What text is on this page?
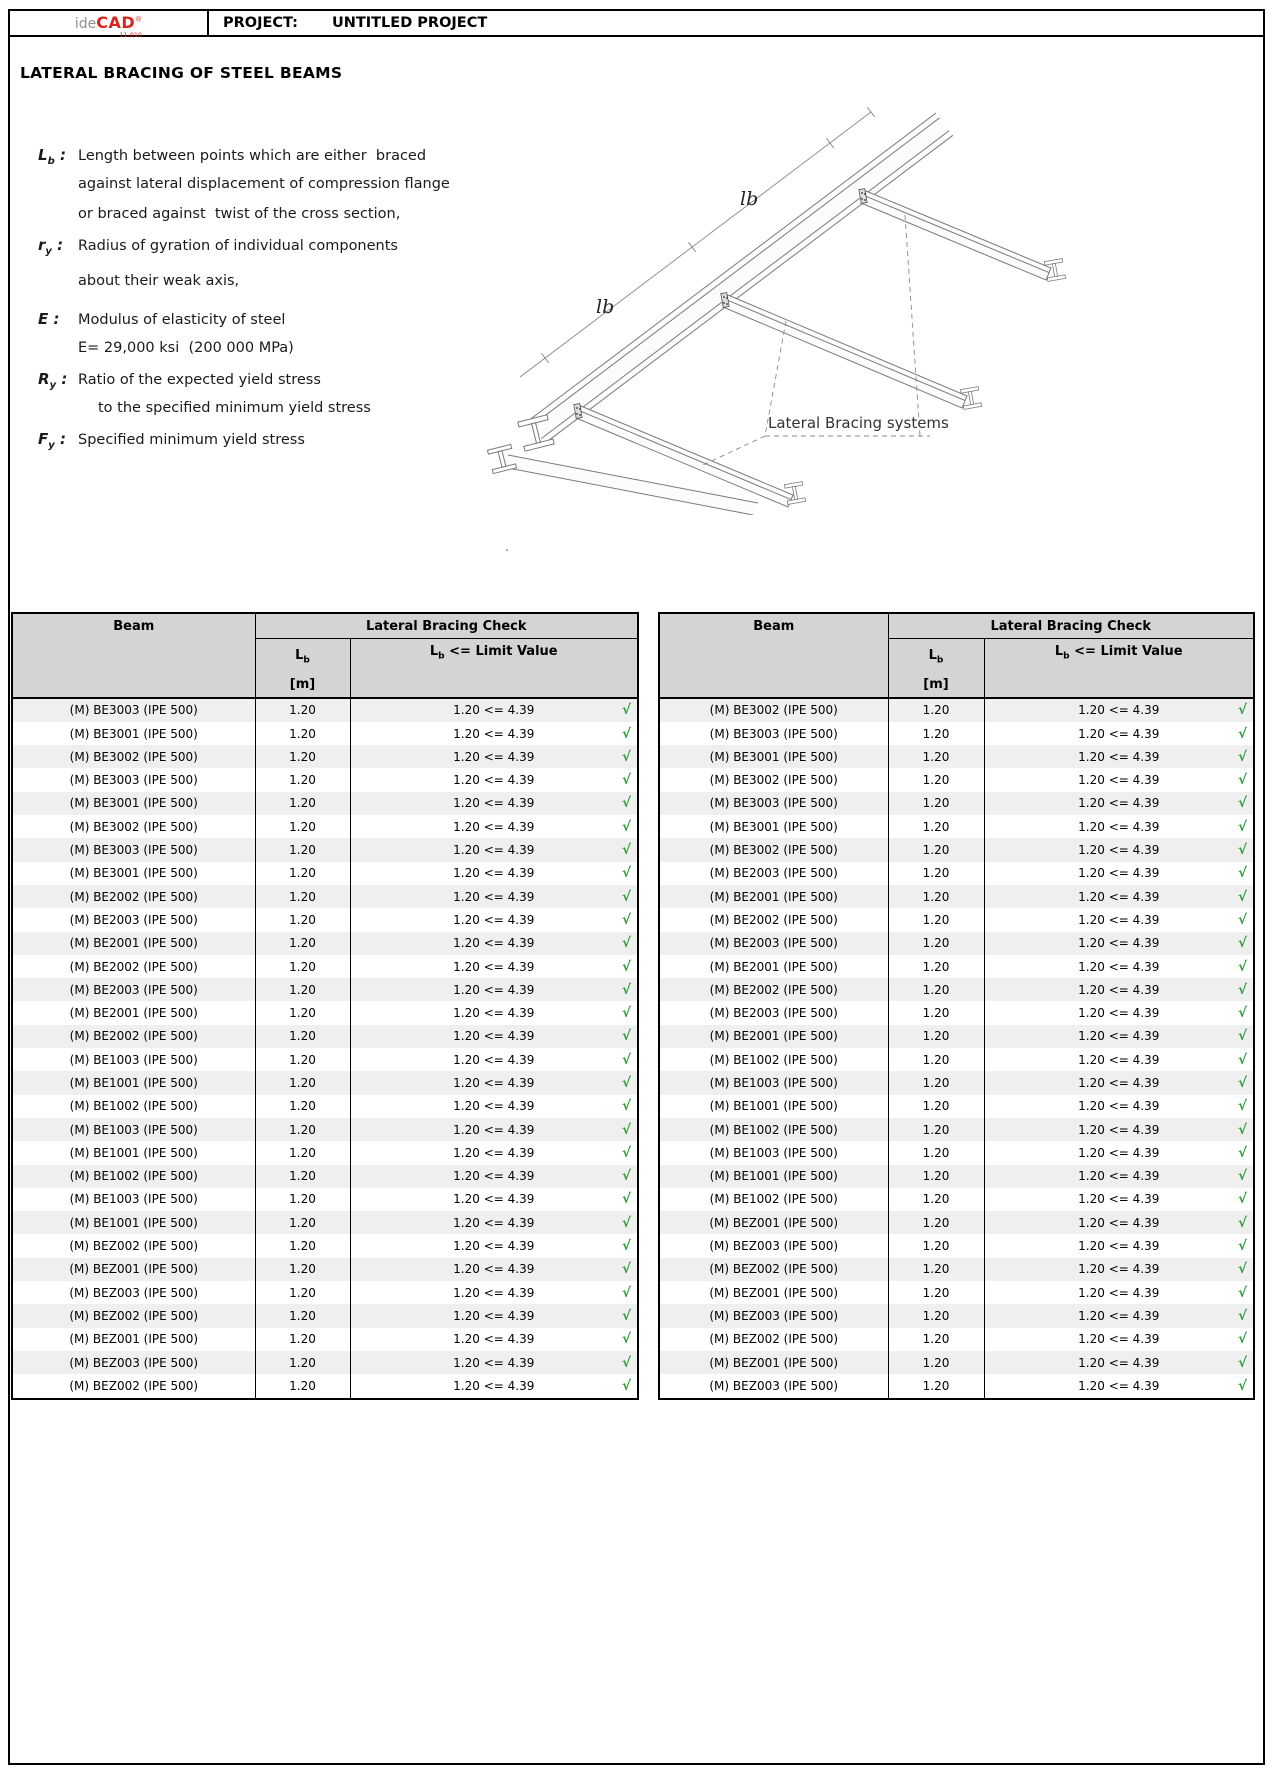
ideCAD®
11.010
PROJECT: UNTITLED PROJECT
LATERAL BRACING OF STEEL BEAMS
$L_b$ : Length between points which are either  braced
against lateral displacement of compression flange
or braced against  twist of the cross section,
$r_y$ :	Radius of gyration of individual components
about their weak axis,
E :	Modulus of elasticity of steel
E= 29,000 ksi  (200 000 MPa)
$R_y$ : Ratio of the expected yield stress
to the specified minimum yield stress
$F_y$ : Specified minimum yield stress
lb
lb
Lateral Bracing systems
.
Beam	Lateral Bracing Check	
	$L_b$
[m]	$L_b$ <= Limit Value
(M) BE3003 (IPE 500)	1.20	1.20 <= 4.39 √

(M) BE3001 (IPE 500)	1.20	1.20 <= 4.39 √

(M) BE3002 (IPE 500)	1.20	1.20 <= 4.39 √

(M) BE3003 (IPE 500)	1.20	1.20 <= 4.39 √

(M) BE3001 (IPE 500)	1.20	1.20 <= 4.39 √

(M) BE3002 (IPE 500)	1.20	1.20 <= 4.39 √

(M) BE3003 (IPE 500)	1.20	1.20 <= 4.39 √

(M) BE3001 (IPE 500)	1.20	1.20 <= 4.39 √

(M) BE2002 (IPE 500)	1.20	1.20 <= 4.39 √

(M) BE2003 (IPE 500)	1.20	1.20 <= 4.39 √

(M) BE2001 (IPE 500)	1.20	1.20 <= 4.39 √

(M) BE2002 (IPE 500)	1.20	1.20 <= 4.39 √

(M) BE2003 (IPE 500)	1.20	1.20 <= 4.39 √

(M) BE2001 (IPE 500)	1.20	1.20 <= 4.39 √

(M) BE2002 (IPE 500)	1.20	1.20 <= 4.39 √

(M) BE1003 (IPE 500)	1.20	1.20 <= 4.39 √

(M) BE1001 (IPE 500)	1.20	1.20 <= 4.39 √

(M) BE1002 (IPE 500)	1.20	1.20 <= 4.39 √

(M) BE1003 (IPE 500)	1.20	1.20 <= 4.39 √

(M) BE1001 (IPE 500)	1.20	1.20 <= 4.39 √

(M) BE1002 (IPE 500)	1.20	1.20 <= 4.39 √

(M) BE1003 (IPE 500)	1.20	1.20 <= 4.39 √

(M) BE1001 (IPE 500)	1.20	1.20 <= 4.39 √

(M) BEZ002 (IPE 500)	1.20	1.20 <= 4.39 √

(M) BEZ001 (IPE 500)	1.20	1.20 <= 4.39 √

(M) BEZ003 (IPE 500)	1.20	1.20 <= 4.39 √

(M) BEZ002 (IPE 500)	1.20	1.20 <= 4.39 √

(M) BEZ001 (IPE 500)	1.20	1.20 <= 4.39 √

(M) BEZ003 (IPE 500)	1.20	1.20 <= 4.39 √

(M) BEZ002 (IPE 500)	1.20	1.20 <= 4.39 √
Beam	Lateral Bracing Check	
	$L_b$
[m]	$L_b$ <= Limit Value
(M) BE3002 (IPE 500)	1.20	1.20 <= 4.39 √

(M) BE3003 (IPE 500)	1.20	1.20 <= 4.39 √

(M) BE3001 (IPE 500)	1.20	1.20 <= 4.39 √

(M) BE3002 (IPE 500)	1.20	1.20 <= 4.39 √

(M) BE3003 (IPE 500)	1.20	1.20 <= 4.39 √

(M) BE3001 (IPE 500)	1.20	1.20 <= 4.39 √

(M) BE3002 (IPE 500)	1.20	1.20 <= 4.39 √

(M) BE2003 (IPE 500)	1.20	1.20 <= 4.39 √

(M) BE2001 (IPE 500)	1.20	1.20 <= 4.39 √

(M) BE2002 (IPE 500)	1.20	1.20 <= 4.39 √

(M) BE2003 (IPE 500)	1.20	1.20 <= 4.39 √

(M) BE2001 (IPE 500)	1.20	1.20 <= 4.39 √

(M) BE2002 (IPE 500)	1.20	1.20 <= 4.39 √

(M) BE2003 (IPE 500)	1.20	1.20 <= 4.39 √

(M) BE2001 (IPE 500)	1.20	1.20 <= 4.39 √

(M) BE1002 (IPE 500)	1.20	1.20 <= 4.39 √

(M) BE1003 (IPE 500)	1.20	1.20 <= 4.39 √

(M) BE1001 (IPE 500)	1.20	1.20 <= 4.39 √

(M) BE1002 (IPE 500)	1.20	1.20 <= 4.39 √

(M) BE1003 (IPE 500)	1.20	1.20 <= 4.39 √

(M) BE1001 (IPE 500)	1.20	1.20 <= 4.39 √

(M) BE1002 (IPE 500)	1.20	1.20 <= 4.39 √

(M) BEZ001 (IPE 500)	1.20	1.20 <= 4.39 √

(M) BEZ003 (IPE 500)	1.20	1.20 <= 4.39 √

(M) BEZ002 (IPE 500)	1.20	1.20 <= 4.39 √

(M) BEZ001 (IPE 500)	1.20	1.20 <= 4.39 √

(M) BEZ003 (IPE 500)	1.20	1.20 <= 4.39 √

(M) BEZ002 (IPE 500)	1.20	1.20 <= 4.39 √

(M) BEZ001 (IPE 500)	1.20	1.20 <= 4.39 √

(M) BEZ003 (IPE 500)	1.20	1.20 <= 4.39 √
